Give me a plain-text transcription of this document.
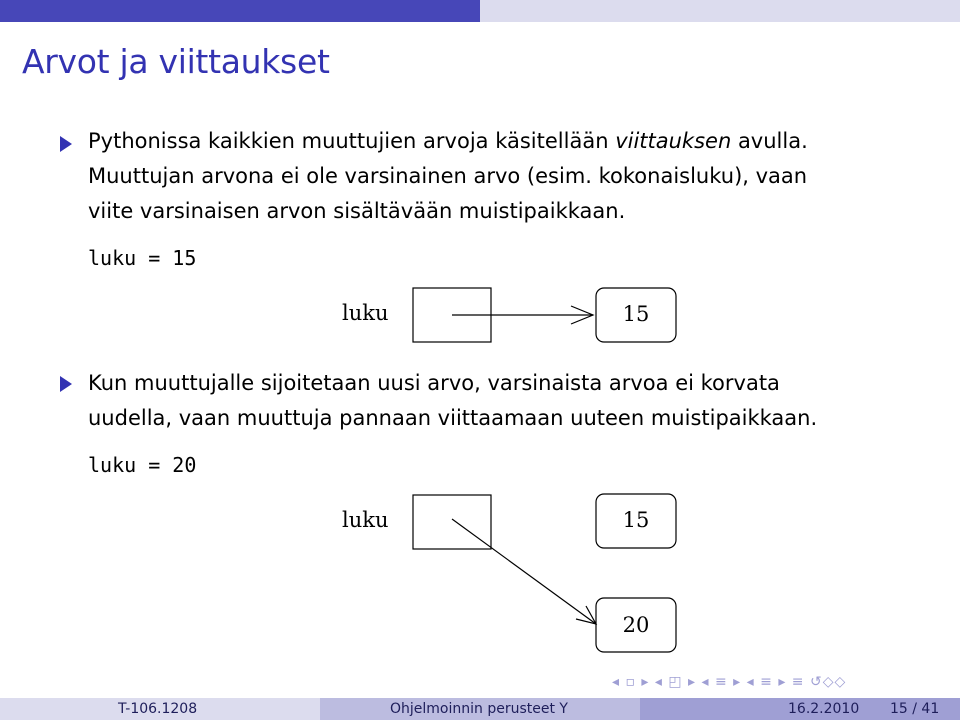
Arvot ja viittaukset
Pythonissa kaikkien muuttujien arvoja käsitellään viittauksen avulla.
Muuttujan arvona ei ole varsinainen arvo (esim. kokonaisluku), vaan
viite varsinaisen arvon sisältävään muistipaikkaan.
luku = 15
Kun muuttujalle sijoitetaan uusi arvo, varsinaista arvoa ei korvata
uudella, vaan muuttuja pannaan viittaamaan uuteen muistipaikkaan.
luku = 20
luku	15
luku	15
20
◂ ▫ ▸ ◂ ◰ ▸ ◂ ≡ ▸ ◂ ≡ ▸ ≡ ↺◇◇
T-106.1208	Ohjelmoinnin perusteet Y	16.2.2010 15 / 41
